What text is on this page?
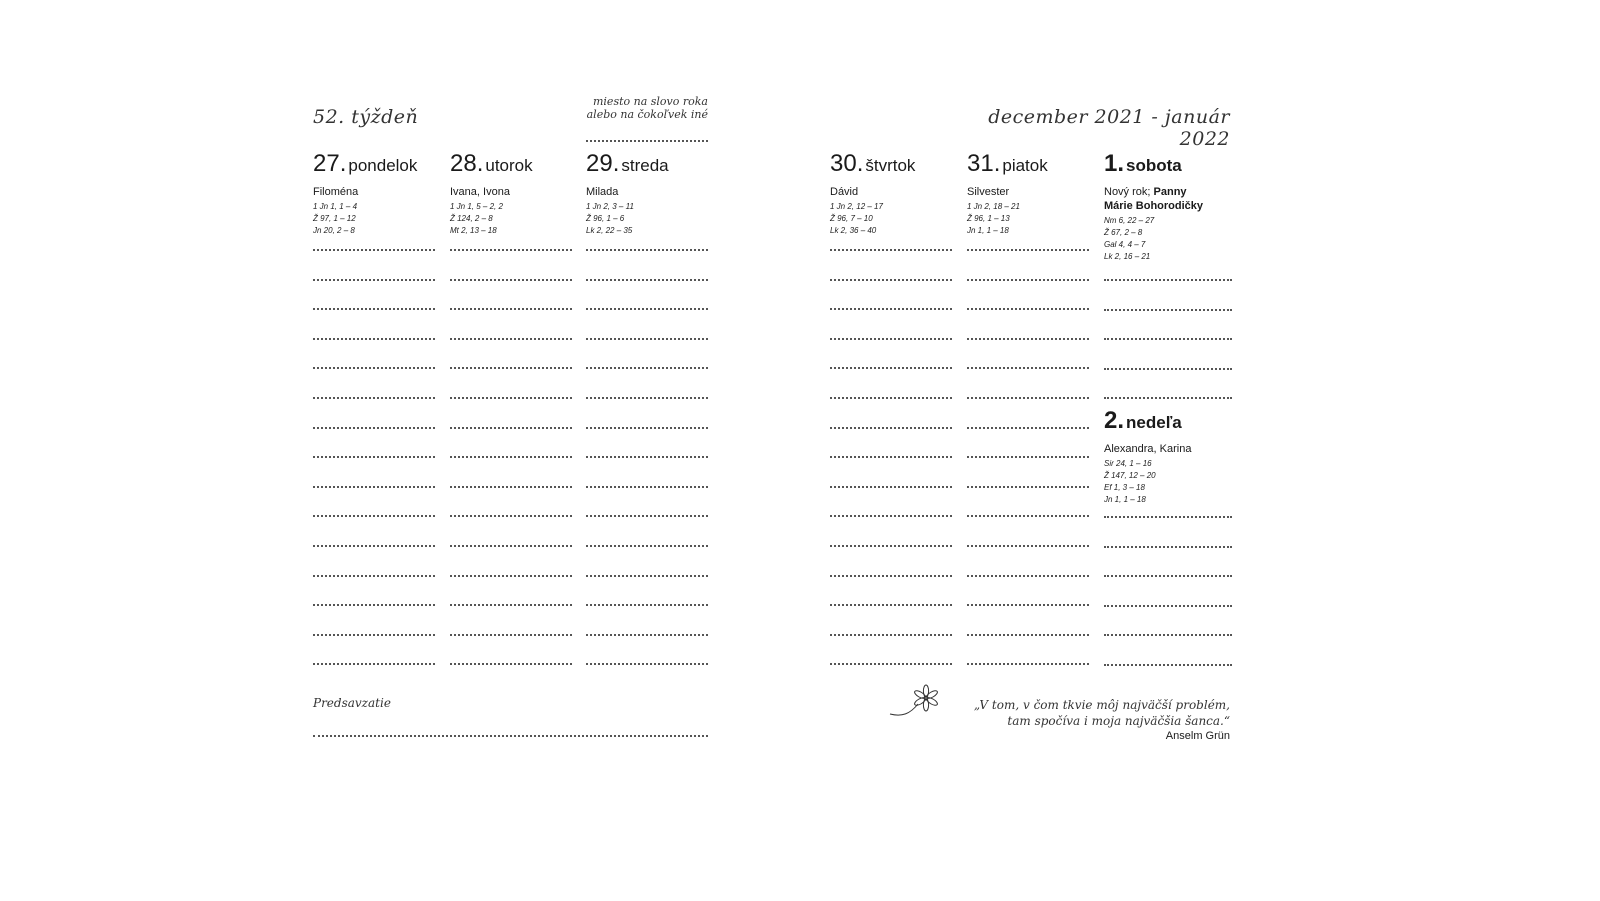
52. týždeň
miesto na slovo roka
alebo na čokoľvek iné	december 2021 - január 2022
27. pondelok
Filoména
1 Jn 1, 1 – 4
Ž 97, 1 – 12
Jn 20, 2 – 8
28. utorok
Ivana, Ivona
1 Jn 1, 5 – 2, 2
Ž 124, 2 – 8
Mt 2, 13 – 18
29. streda
Milada
1 Jn 2, 3 – 11
Ž 96, 1 – 6
Lk 2, 22 – 35
30. štvrtok
Dávid
1 Jn 2, 12 – 17
Ž 96, 7 – 10
Lk 2, 36 – 40
31. piatok
Silvester
1 Jn 2, 18 – 21
Ž 96, 1 – 13
Jn 1, 1 – 18
1. sobota
Nový rok; Panny
Márie Bohorodičky
Nm 6, 22 – 27
Ž 67, 2 – 8
Gal 4, 4 – 7
Lk 2, 16 – 21
2. nedeľa
Alexandra, Karina
Sir 24, 1 – 16
Ž 147, 12 – 20
Ef 1, 3 – 18
Jn 1, 1 – 18
Predsavzatie	„V tom, v čom tkvie môj najväčší problém,
tam spočíva i moja najväčšia šanca.“
Anselm Grün
